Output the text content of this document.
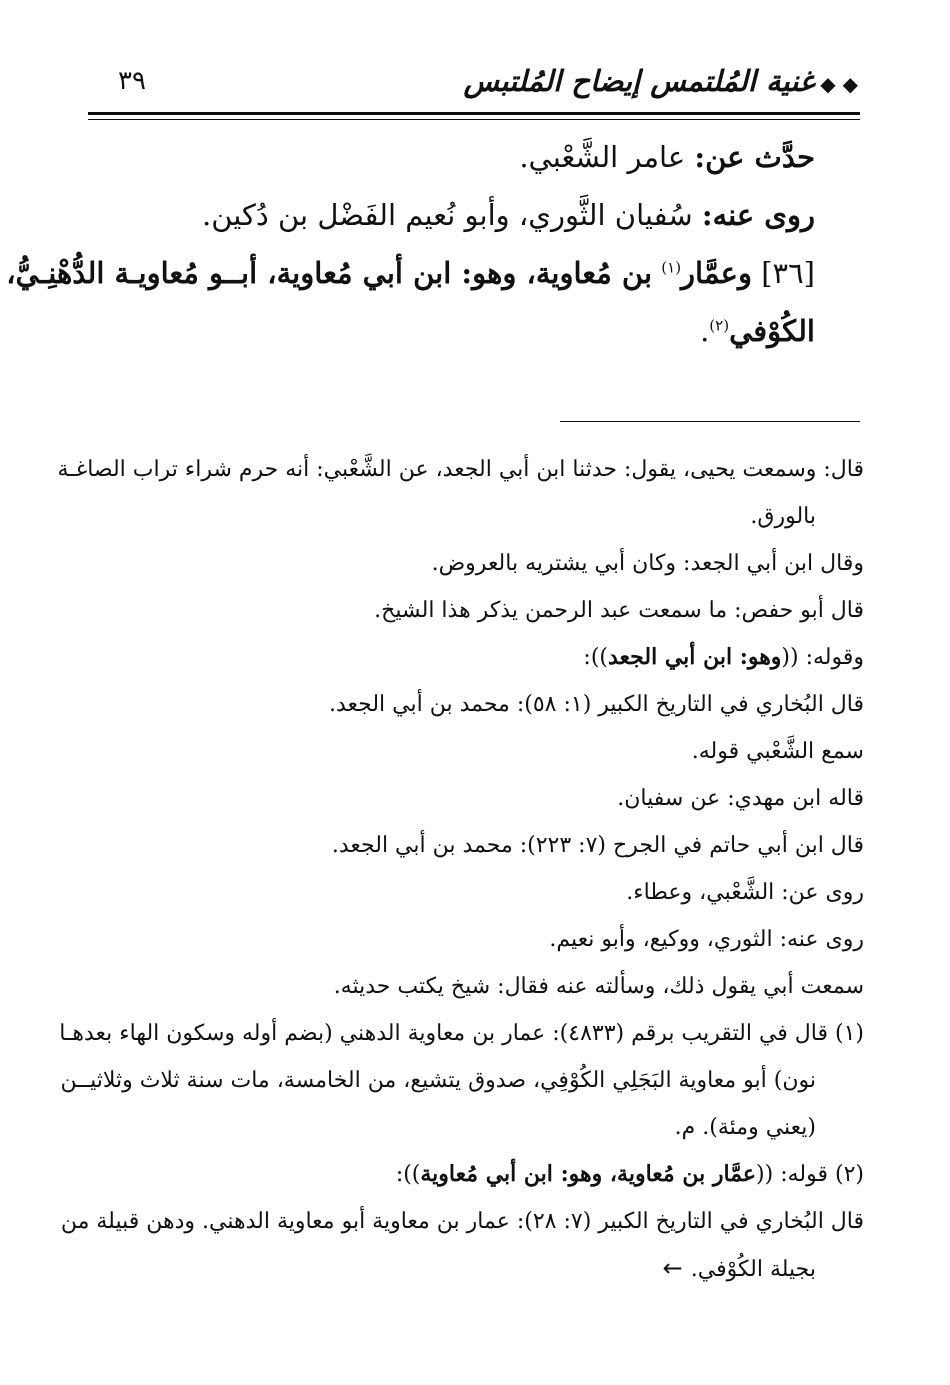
◆ ◆غنية المُلتمس إيضاح المُلتبس
٣٩

حدَّث عن: عامر الشَّعْبي.

روى عنه: سُفيان الثَّوري، وأبو نُعيم الفَضْل بن دُكين.

[٣٦] وعمَّار$^{(١)}$ بن مُعاوية، وهو: ابن أبي مُعاوية، أبــو مُعاويـة الدُّهْنِـيُّ،

الكُوْفي$^{(٢)}$.

قال: وسمعت يحيى، يقول: حدثنا ابن أبي الجعد، عن الشَّعْبي: أنه حرم شراء تراب الصاغـة

بالورق.

وقال ابن أبي الجعد: وكان أبي يشتريه بالعروض.

قال أبو حفص: ما سمعت عبد الرحمن يذكر هذا الشيخ.

وقوله: ((وهو: ابن أبي الجعد)):

قال البُخاري في التاريخ الكبير (١: ٥٨): محمد بن أبي الجعد.

سمع الشَّعْبي قوله.

قاله ابن مهدي: عن سفيان.

قال ابن أبي حاتم في الجرح (٧: ٢٢٣): محمد بن أبي الجعد.

روى عن: الشَّعْبي، وعطاء.

روى عنه: الثوري، ووكيع، وأبو نعيم.

سمعت أبي يقول ذلك، وسألته عنه فقال: شيخ يكتب حديثه.

(١) قال في التقريب برقم (٤٨٣٣): عمار بن معاوية الدهني (بضم أوله وسكون الهاء بعدهـا

نون) أبو معاوية البَجَلِي الكُوْفِي، صدوق يتشيع، من الخامسة، مات سنة ثلاث وثلاثيــن

(يعني ومئة). م.

(٢) قوله: ((عمَّار بن مُعاوية، وهو: ابن أبي مُعاوية)):

قال البُخاري في التاريخ الكبير (٧: ٢٨): عمار بن معاوية أبو معاوية الدهني. ودهن قبيلة من

بجيلة الكُوْفي.←
